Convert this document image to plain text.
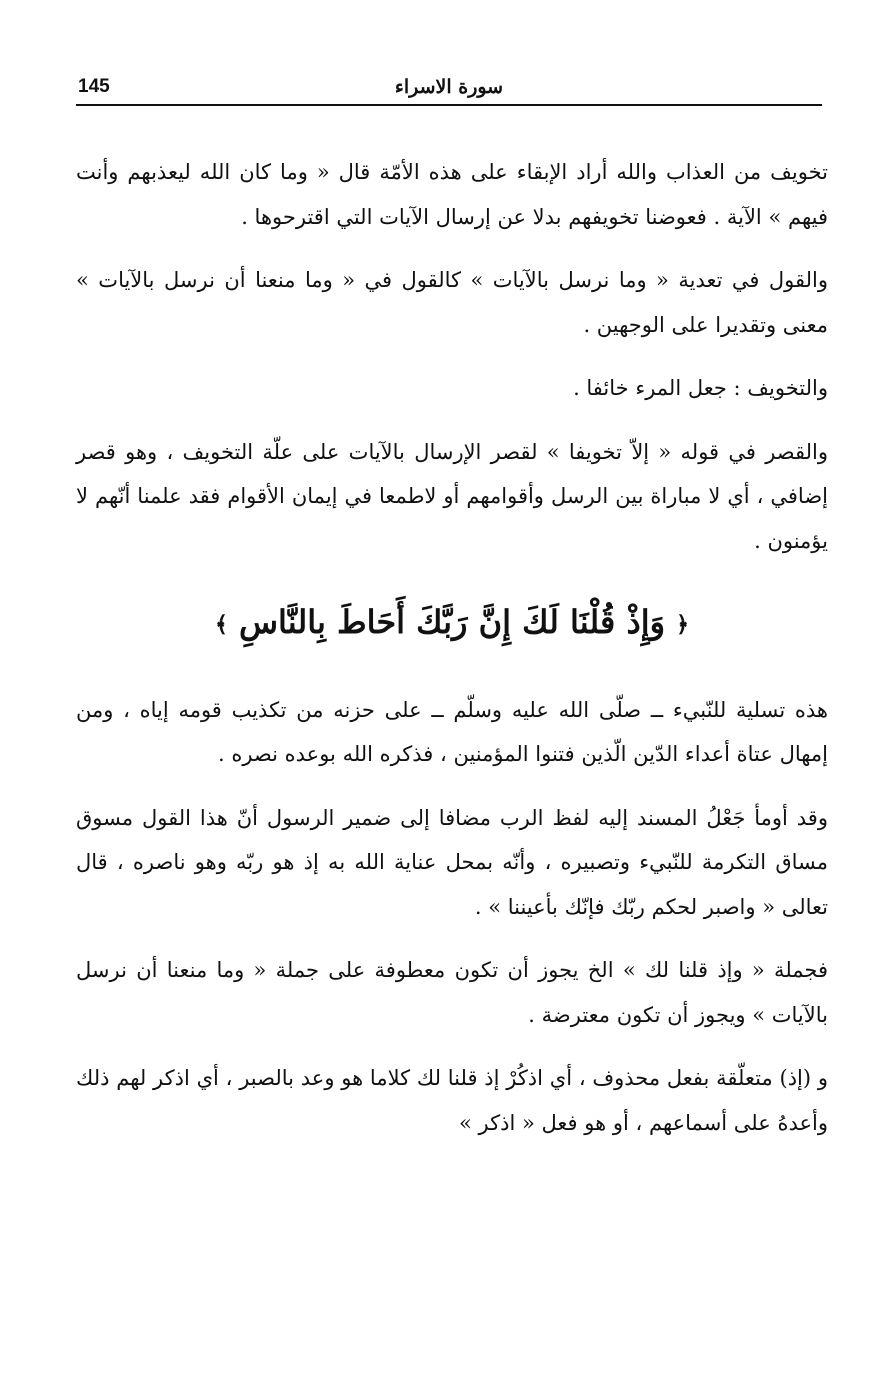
145	سورة الاسراء

تخويف من العذاب والله أراد الإبقاء على هذه الأمّة قال « وما كان الله ليعذبهم وأنت فيهم » الآية . فعوضنا تخويفهم بدلا عن إرسال الآيات التي اقترحوها .

والقول في تعدية « وما نرسل بالآيات » كالقول في « وما منعنا أن نرسل بالآيات » معنى وتقديرا على الوجهين .

والتخويف : جعل المرء خائفا .

والقصر في قوله « إلاّ تخويفا » لقصر الإرسال بالآيات على علّة التخويف ، وهو قصر إضافي ، أي لا مباراة بين الرسل وأقوامهم أو لاطمعا في إيمان الأقوام فقد علمنا أنّهم لا يؤمنون .

﴿ وَإِذْ قُلْنَا لَكَ إِنَّ رَبَّكَ أَحَاطَ بِالنَّاسِ ﴾

هذه تسلية للنّبيء ــ صلّى الله عليه وسلّم ــ على حزنه من تكذيب قومه إياه ، ومن إمهال عتاة أعداء الدّين الّذين فتنوا المؤمنين ، فذكره الله بوعده نصره .

وقد أومأ جَعْلُ المسند إليه لفظ الرب مضافا إلى ضمير الرسول أنّ هذا القول مسوق مساق التكرمة للنّبيء وتصبيره ، وأنّه بمحل عناية الله به إذ هو ربّه وهو ناصره ، قال تعالى « واصبر لحكم ربّك فإنّك بأعيننا » .

فجملة « وإذ قلنا لك » الخ يجوز أن تكون معطوفة على جملة « وما منعنا أن نرسل بالآيات » ويجوز أن تكون معترضة .

و (إذ) متعلّقة بفعل محذوف ، أي اذكُرْ إذ قلنا لك كلاما هو وعد بالصبر ، أي اذكر لهم ذلك وأعدهُ على أسماعهم ، أو هو فعل « اذكر »
